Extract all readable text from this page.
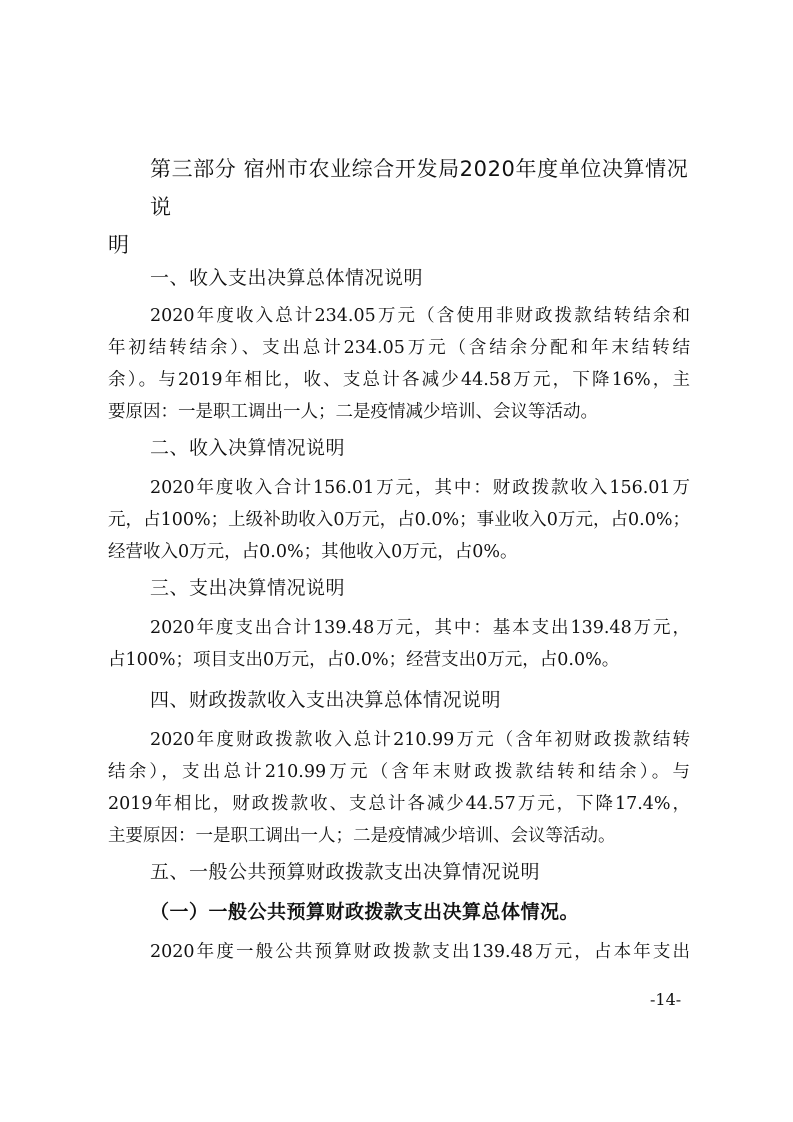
第三部分 宿州市农业综合开发局2020年度单位决算情况说
明
一、收入支出决算总体情况说明
2020年度收入总计234.05万元（含使用非财政拨款结转结余和
年初结转结余）、支出总计234.05万元（含结余分配和年末结转结
余）。与2019年相比，收、支总计各减少44.58万元，下降16%，主
要原因：一是职工调出一人；二是疫情减少培训、会议等活动。
二、收入决算情况说明
2020年度收入合计156.01万元，其中：财政拨款收入156.01万
元，占100%；上级补助收入0万元，占0.0%；事业收入0万元，占0.0%；
经营收入0万元，占0.0%；其他收入0万元，占0%。
三、支出决算情况说明
2020年度支出合计139.48万元，其中：基本支出139.48万元，
占100%；项目支出0万元，占0.0%；经营支出0万元，占0.0%。
四、财政拨款收入支出决算总体情况说明
2020年度财政拨款收入总计210.99万元（含年初财政拨款结转
结余），支出总计210.99万元（含年末财政拨款结转和结余）。与
2019年相比，财政拨款收、支总计各减少44.57万元，下降17.4%，
主要原因：一是职工调出一人；二是疫情减少培训、会议等活动。
五、一般公共预算财政拨款支出决算情况说明
（一）一般公共预算财政拨款支出决算总体情况。
2020年度一般公共预算财政拨款支出139.48万元，占本年支出
-14-
